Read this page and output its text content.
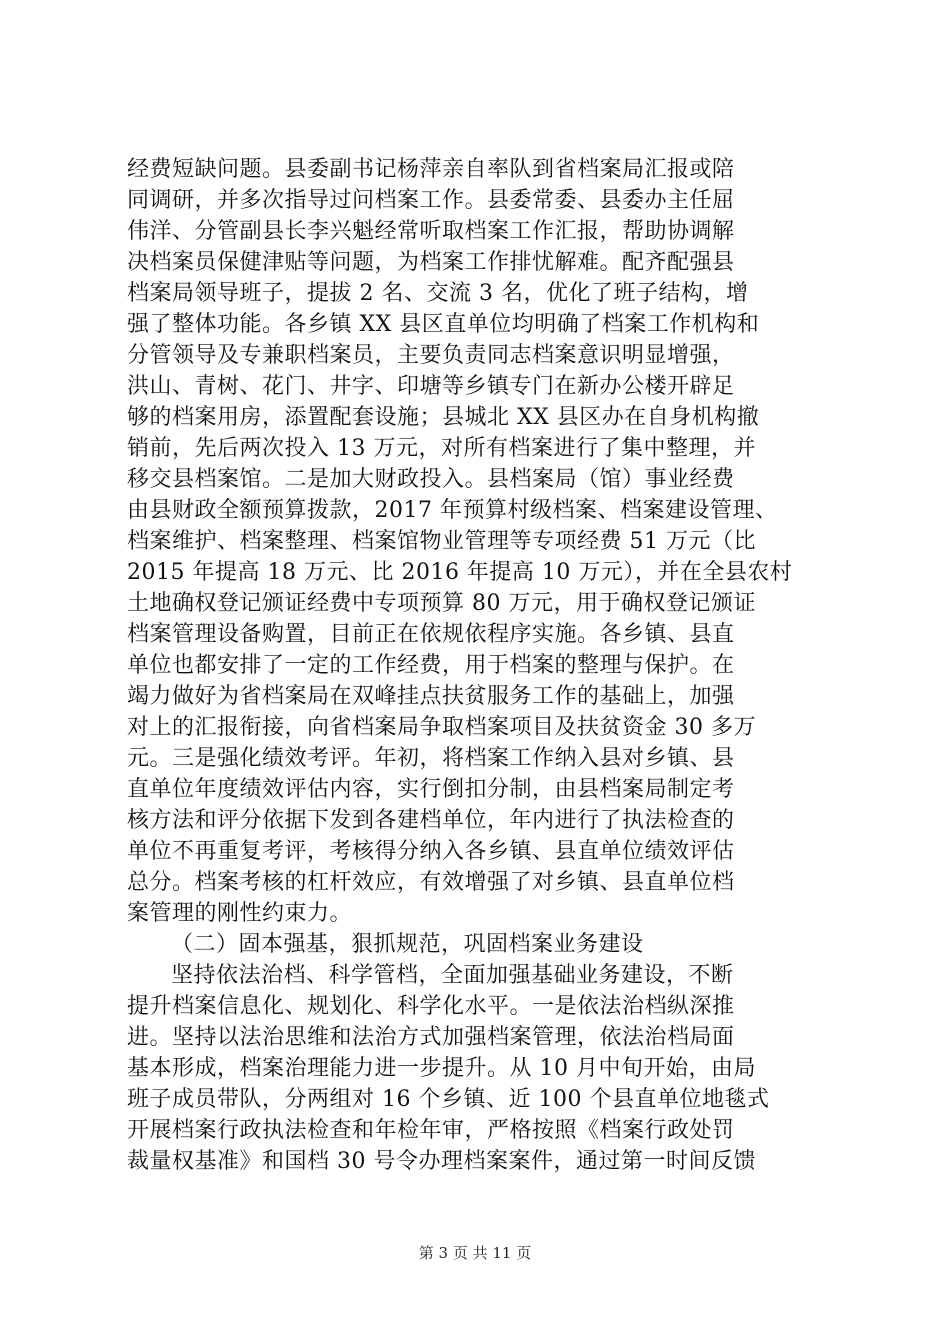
经费短缺问题。县委副书记杨萍亲自率队到省档案局汇报或陪
同调研，并多次指导过问档案工作。县委常委、县委办主任屈
伟洋、分管副县长李兴魁经常听取档案工作汇报，帮助协调解
决档案员保健津贴等问题，为档案工作排忧解难。配齐配强县
档案局领导班子，提拔 2 名、交流 3 名，优化了班子结构，增
强了整体功能。各乡镇 XX 县区直单位均明确了档案工作机构和
分管领导及专兼职档案员，主要负责同志档案意识明显增强，
洪山、青树、花门、井字、印塘等乡镇专门在新办公楼开辟足
够的档案用房，添置配套设施；县城北 XX 县区办在自身机构撤
销前，先后两次投入 13 万元，对所有档案进行了集中整理，并
移交县档案馆。二是加大财政投入。县档案局（馆）事业经费
由县财政全额预算拨款，2017 年预算村级档案、档案建设管理、
档案维护、档案整理、档案馆物业管理等专项经费 51 万元（比
2015 年提高 18 万元、比 2016 年提高 10 万元），并在全县农村
土地确权登记颁证经费中专项预算 80 万元，用于确权登记颁证
档案管理设备购置，目前正在依规依程序实施。各乡镇、县直
单位也都安排了一定的工作经费，用于档案的整理与保护。在
竭力做好为省档案局在双峰挂点扶贫服务工作的基础上，加强
对上的汇报衔接，向省档案局争取档案项目及扶贫资金 30 多万
元。三是强化绩效考评。年初，将档案工作纳入县对乡镇、县
直单位年度绩效评估内容，实行倒扣分制，由县档案局制定考
核方法和评分依据下发到各建档单位，年内进行了执法检查的
单位不再重复考评，考核得分纳入各乡镇、县直单位绩效评估
总分。档案考核的杠杆效应，有效增强了对乡镇、县直单位档
案管理的刚性约束力。
（二）固本强基，狠抓规范，巩固档案业务建设
坚持依法治档、科学管档，全面加强基础业务建设，不断
提升档案信息化、规划化、科学化水平。一是依法治档纵深推
进。坚持以法治思维和法治方式加强档案管理，依法治档局面
基本形成，档案治理能力进一步提升。从 10 月中旬开始，由局
班子成员带队，分两组对 16 个乡镇、近 100 个县直单位地毯式
开展档案行政执法检查和年检年审，严格按照《档案行政处罚
裁量权基准》和国档 30 号令办理档案案件，通过第一时间反馈
第 3 页 共 11 页
